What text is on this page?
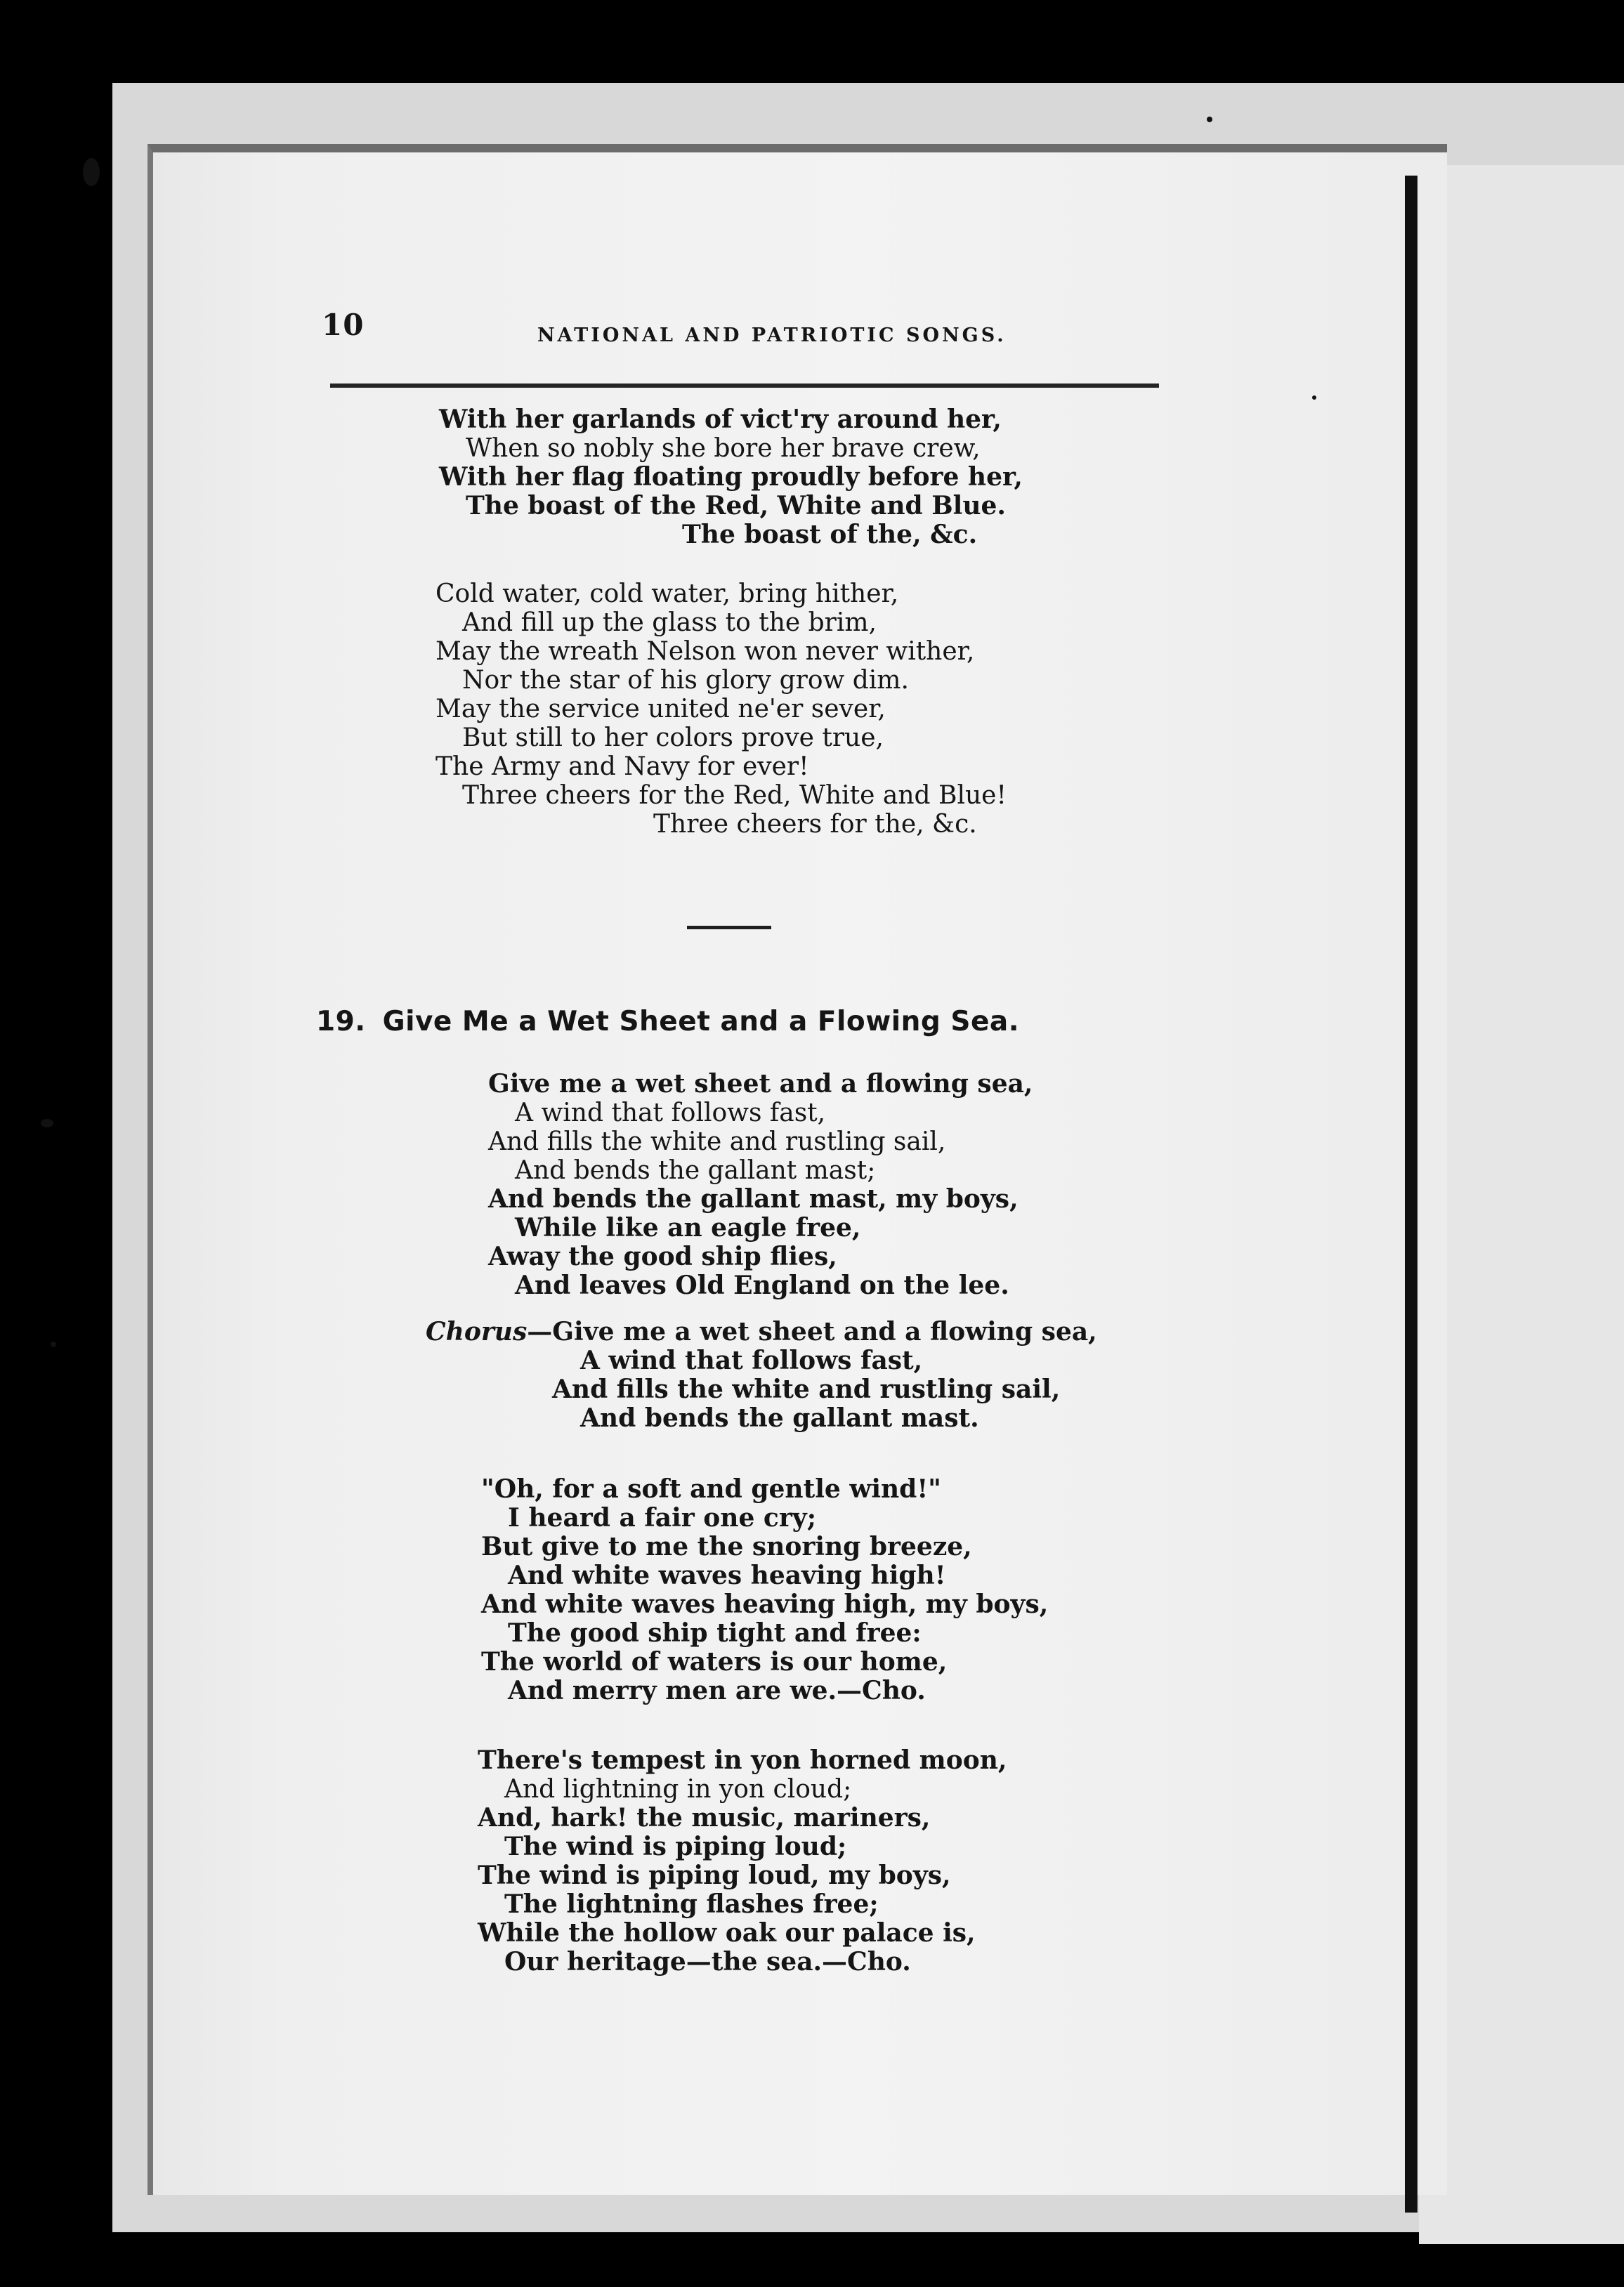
10	NATIONAL AND PATRIOTIC SONGS.
With her garlands of vict'ry around her,
When so nobly she bore her brave crew,
With her flag floating proudly before her,
The boast of the Red, White and Blue.
The boast of the, &c.
Cold water, cold water, bring hither,
And fill up the glass to the brim,
May the wreath Nelson won never wither,
Nor the star of his glory grow dim.
May the service united ne'er sever,
But still to her colors prove true,
The Army and Navy for ever!
Three cheers for the Red, White and Blue!
Three cheers for the, &c.
19. Give Me a Wet Sheet and a Flowing Sea.
Give me a wet sheet and a flowing sea,
A wind that follows fast,
And fills the white and rustling sail,
And bends the gallant mast;
And bends the gallant mast, my boys,
While like an eagle free,
Away the good ship flies,
And leaves Old England on the lee.
Chorus—Give me a wet sheet and a flowing sea,
A wind that follows fast,
And fills the white and rustling sail,
And bends the gallant mast.
"Oh, for a soft and gentle wind!"
I heard a fair one cry;
But give to me the snoring breeze,
And white waves heaving high!
And white waves heaving high, my boys,
The good ship tight and free:
The world of waters is our home,
And merry men are we.—Cho.
There's tempest in yon horned moon,
And lightning in yon cloud;
And, hark! the music, mariners,
The wind is piping loud;
The wind is piping loud, my boys,
The lightning flashes free;
While the hollow oak our palace is,
Our heritage—the sea.—Cho.
